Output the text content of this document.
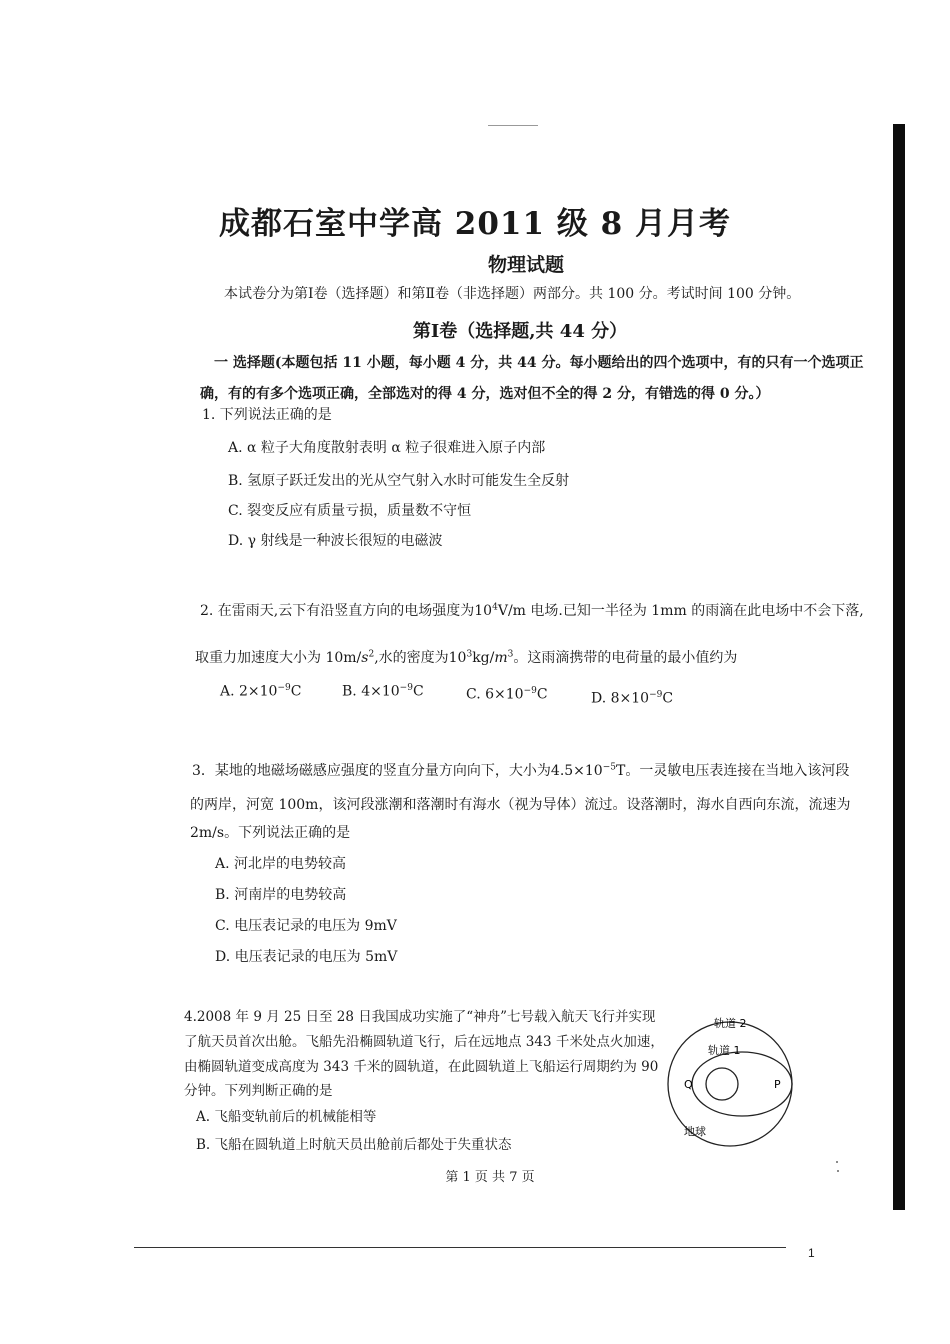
成都石室中学高 2011 级 8 月月考
物理试题
本试卷分为第Ⅰ卷（选择题）和第Ⅱ卷（非选择题）两部分。共 100 分。考试时间 100 分钟。
第Ⅰ卷（选择题,共 44 分）
一 选择题(本题包括 11 小题，每小题 4 分，共 44 分。每小题给出的四个选项中，有的只有一个选项正
确，有的有多个选项正确，全部选对的得 4 分，选对但不全的得 2 分，有错选的得 0 分。）
1. 下列说法正确的是
A. α 粒子大角度散射表明 α 粒子很难进入原子内部
B. 氢原子跃迁发出的光从空气射入水时可能发生全反射
C. 裂变反应有质量亏损，质量数不守恒
D. γ 射线是一种波长很短的电磁波
2. 在雷雨天,云下有沿竖直方向的电场强度为$10^4V/m$ 电场.已知一半径为 1mm 的雨滴在此电场中不会下落,
取重力加速度大小为 $10m/s^2$,水的密度为$10^3kg/m^3$。这雨滴携带的电荷量的最小值约为
A. $2\times 10^{-9}C$	B. $4\times 10^{-9}C$	C. $6\times 10^{-9}C$	D. $8\times 10^{-9}C$
3．某地的地磁场磁感应强度的竖直分量方向向下，大小为$4.5\times 10^{-5}T$。一灵敏电压表连接在当地入该河段
的两岸，河宽 100m，该河段涨潮和落潮时有海水（视为导体）流过。设落潮时，海水自西向东流，流速为
2m/s。下列说法正确的是
A. 河北岸的电势较高
B. 河南岸的电势较高
C. 电压表记录的电压为 9mV
D. 电压表记录的电压为 5mV
4.2008 年 9 月 25 日至 28 日我国成功实施了“神舟”七号载入航天飞行并实现
了航天员首次出舱。飞船先沿椭圆轨道飞行，后在远地点 343 千米处点火加速，
由椭圆轨道变成高度为 343 千米的圆轨道，在此圆轨道上飞船运行周期约为 90
分钟。下列判断正确的是
A. 飞船变轨前后的机械能相等
B. 飞船在圆轨道上时航天员出舱前后都处于失重状态
轨道 2
轨道 1
地球
Q	P
第 1 页 共 7 页
1
